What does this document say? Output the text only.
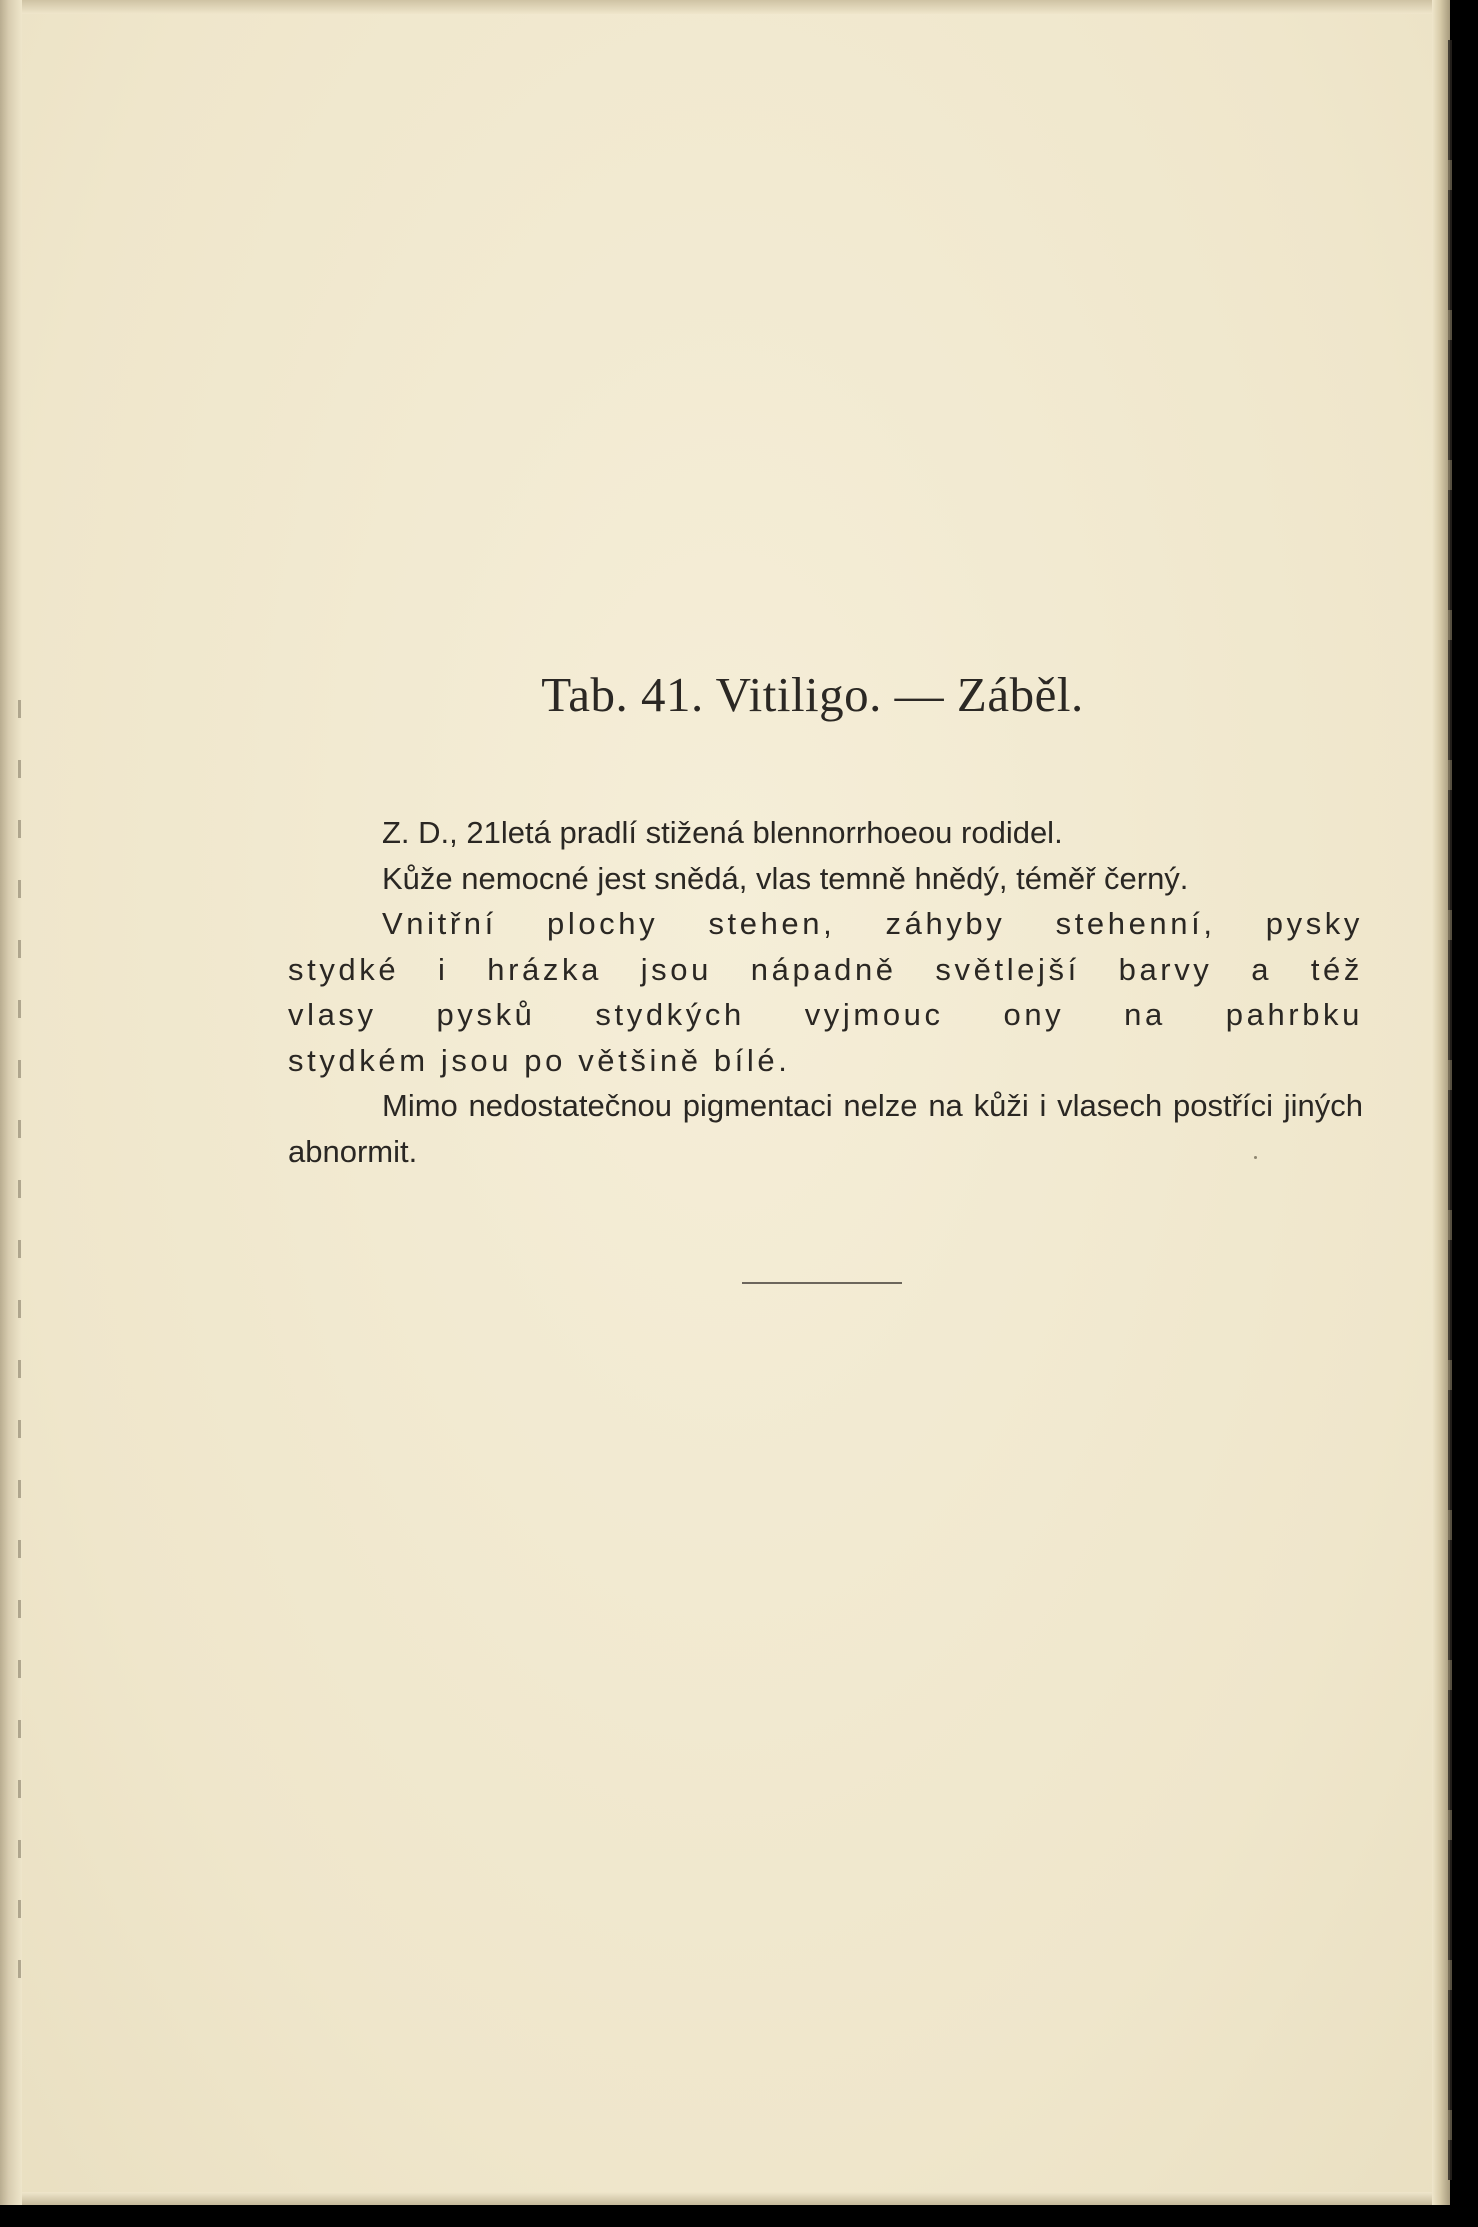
Tab. 41. Vitiligo. — Záběl.

Z. D., 21letá pradlí stižená blennorrhoeou rodidel.

Kůže nemocné jest snědá, vlas temně hnědý, téměř černý.

Vnitřní plochy stehen, záhyby stehenní, pysky
stydké i hrázka jsou nápadně světlejší barvy a též
vlasy pysků stydkých vyjmouc ony na pahrbku
stydkém jsou po většině bílé.

Mimo nedostatečnou pigmentaci nelze na kůži i vlasech postříci jiných abnormit.
